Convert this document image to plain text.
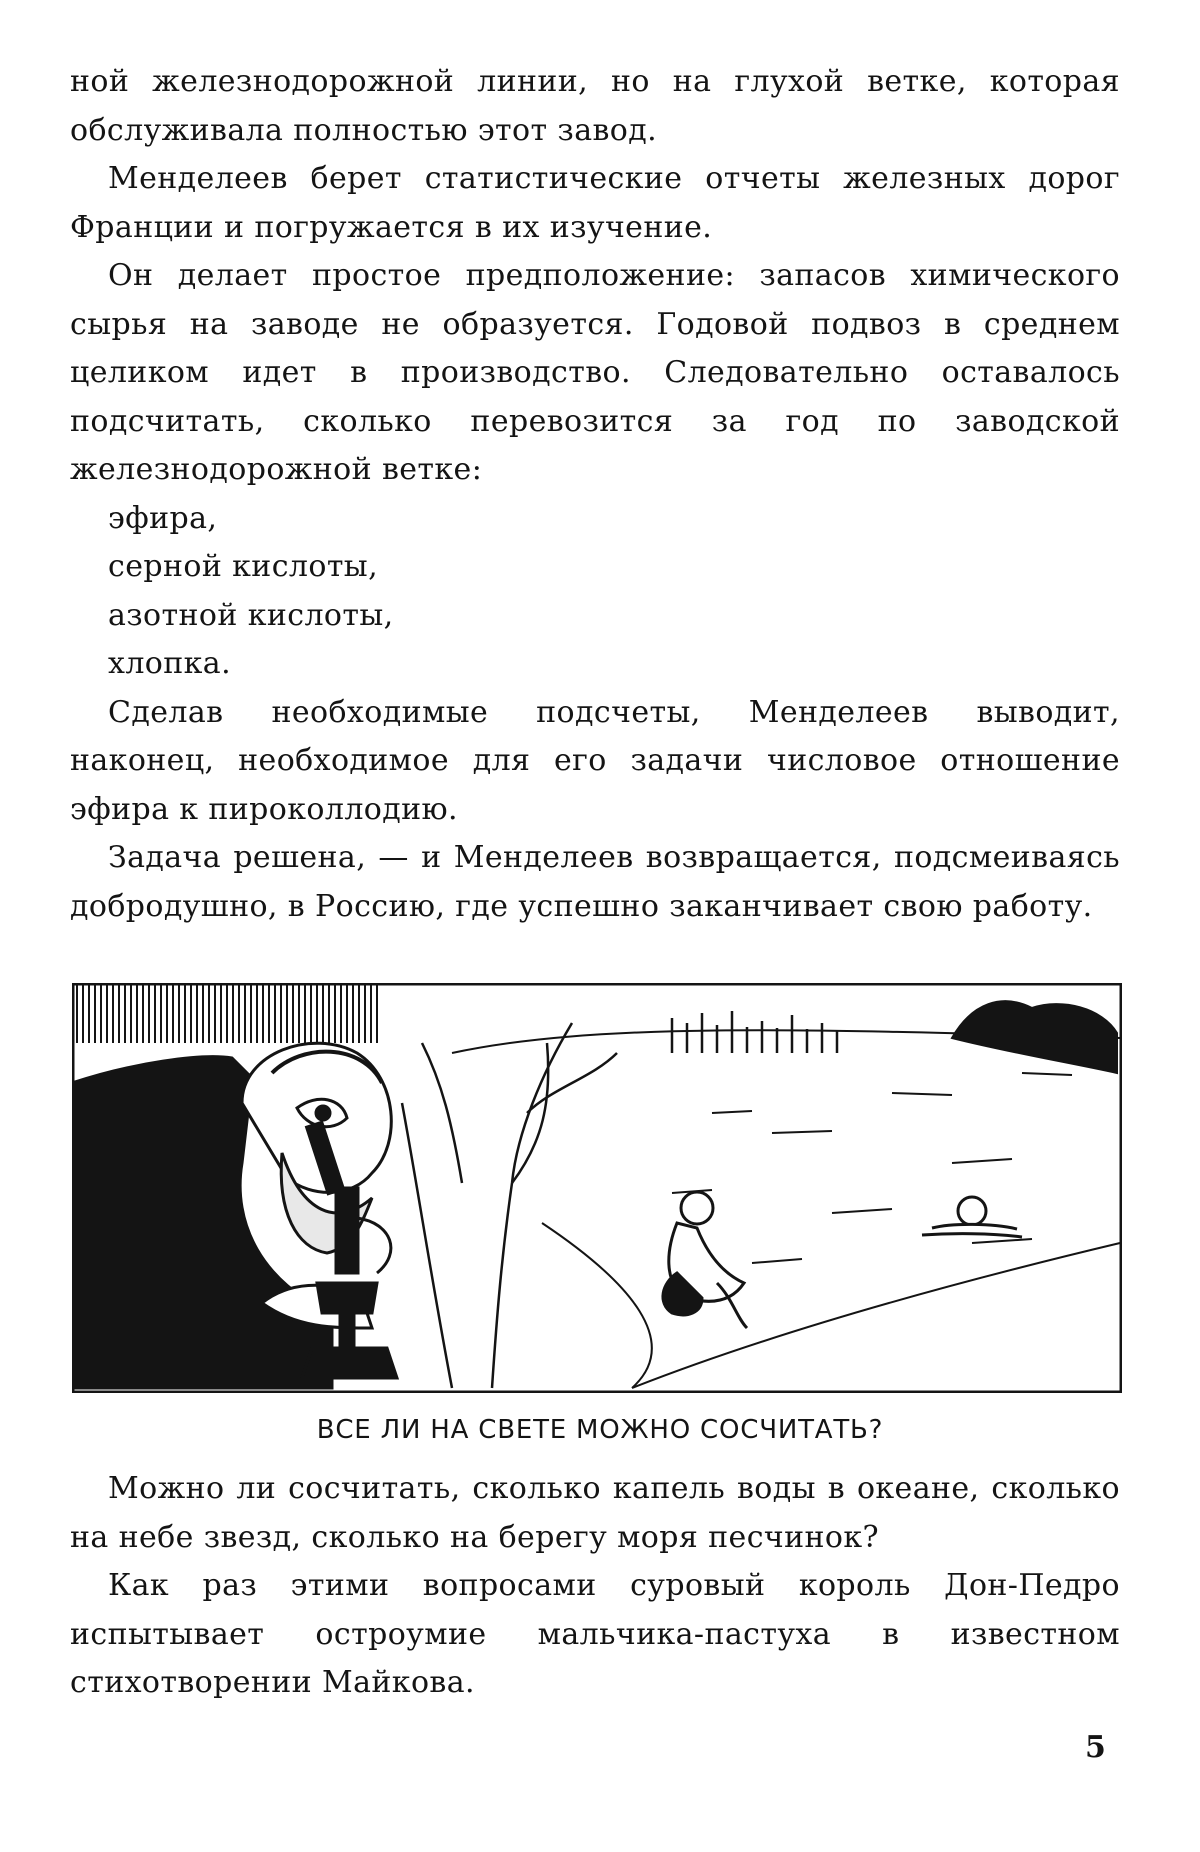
ной железнодорожной линии, но на глухой ветке, которая обслуживала полностью этот завод.

Менделеев берет статистические отчеты железных дорог Франции и погружается в их изучение.

Он делает простое предположение: запасов химического сырья на заводе не образуется. Годовой подвоз в среднем целиком идет в производство. Следовательно оставалось подсчитать, сколько перевозится за год по заводской железнодорожной ветке:

эфира,
серной кислоты,
азотной кислоты,
хлопка.

Сделав необходимые подсчеты, Менделеев выводит, наконец, необходимое для его задачи числовое отношение эфира к пироколлодию.

Задача решена, — и Менделеев возвращается, подсмеиваясь добродушно, в Россию, где успешно заканчивает свою работу.

ВСЕ ЛИ НА СВЕТЕ МОЖНО СОСЧИТАТЬ?

Можно ли сосчитать, сколько капель воды в океане, сколько на небе звезд, сколько на берегу моря песчинок?

Как раз этими вопросами суровый король Дон-Педро испытывает остроумие мальчика-пастуха в известном стихотворении Майкова.

5
